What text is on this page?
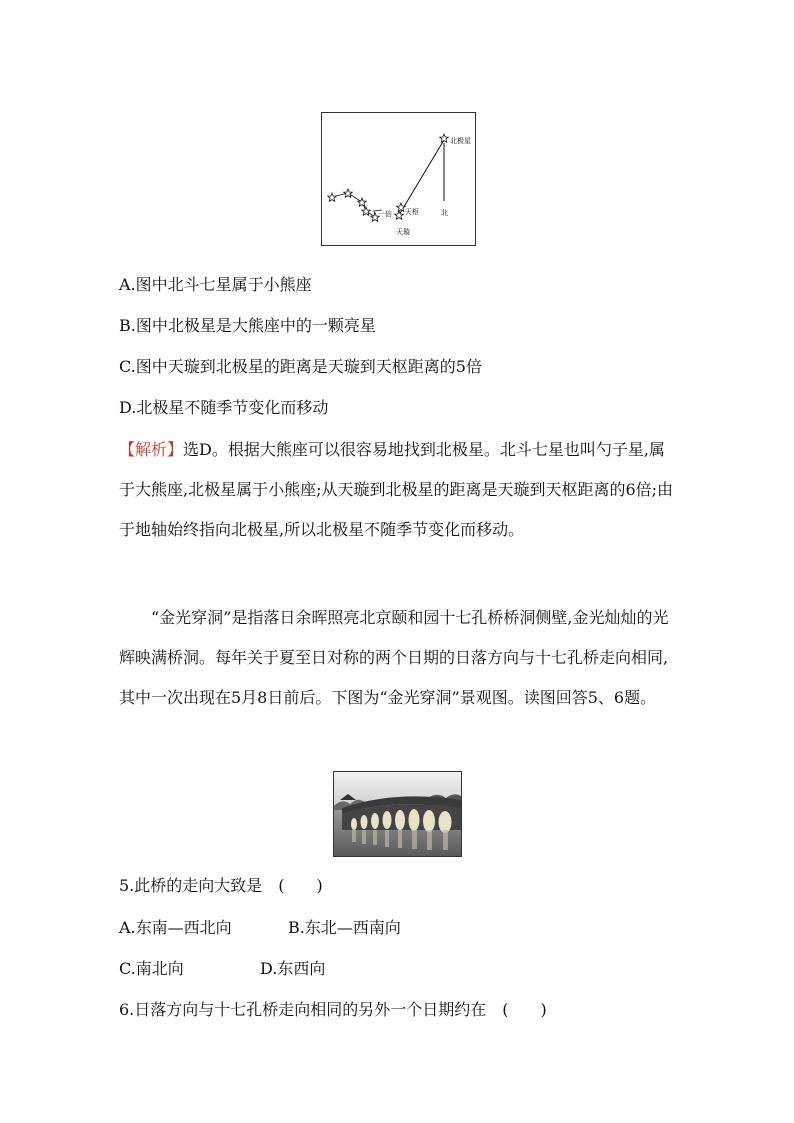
北极星
天枢
天璇
一倍	北
A.图中北斗七星属于小熊座
B.图中北极星是大熊座中的一颗亮星
C.图中天璇到北极星的距离是天璇到天枢距离的5倍
D.北极星不随季节变化而移动
【解析】选D。根据大熊座可以很容易地找到北极星。北斗七星也叫勺子星,属于大熊座,北极星属于小熊座;从天璇到北极星的距离是天璇到天枢距离的6倍;由于地轴始终指向北极星,所以北极星不随季节变化而移动。
　　“金光穿洞”是指落日余晖照亮北京颐和园十七孔桥桥洞侧壁,金光灿灿的光辉映满桥洞。每年关于夏至日对称的两个日期的日落方向与十七孔桥走向相同,其中一次出现在5月8日前后。下图为“金光穿洞”景观图。读图回答5、6题。
5.此桥的走向大致是　(　　)
A.东南—西北向	B.东北—西南向
C.南北向	D.东西向
6.日落方向与十七孔桥走向相同的另外一个日期约在　(　　)
